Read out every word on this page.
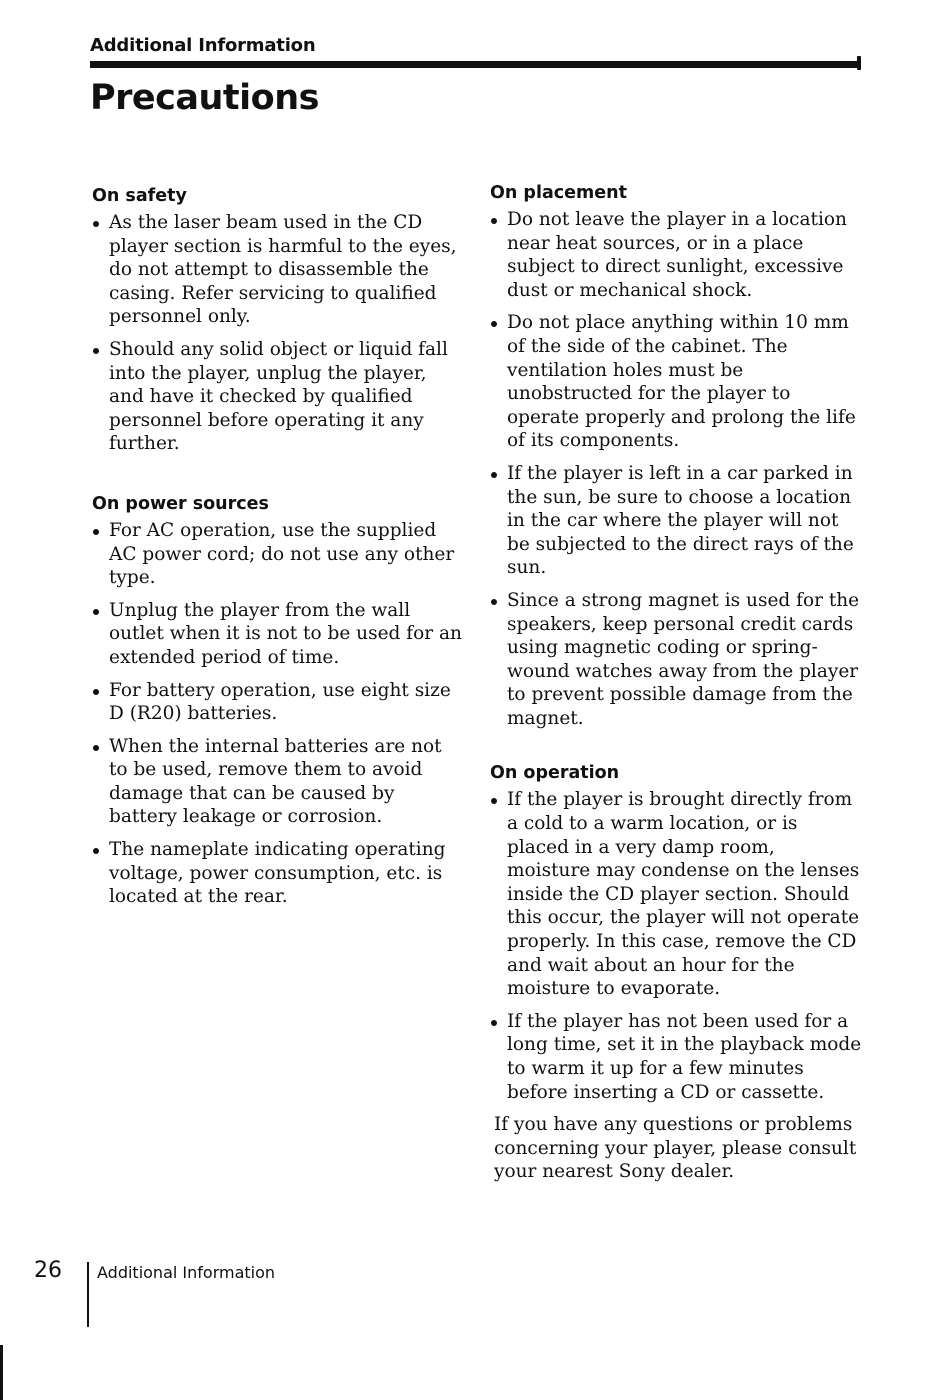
Additional Information
Precautions
On safety
As the laser beam used in the CD player section is harmful to the eyes, do not attempt to disassemble the casing. Refer servicing to qualified personnel only.
Should any solid object or liquid fall into the player, unplug the player, and have it checked by qualified personnel before operating it any further.
On power sources
For AC operation, use the supplied AC power cord; do not use any other type.
Unplug the player from the wall outlet when it is not to be used for an extended period of time.
For battery operation, use eight size D (R20) batteries.
When the internal batteries are not to be used, remove them to avoid damage that can be caused by battery leakage or corrosion.
The nameplate indicating operating voltage, power consumption, etc. is located at the rear.
On placement
Do not leave the player in a location near heat sources, or in a place subject to direct sunlight, excessive dust or mechanical shock.
Do not place anything within 10 mm of the side of the cabinet. The ventilation holes must be unobstructed for the player to operate properly and prolong the life of its components.
If the player is left in a car parked in the sun, be sure to choose a location in the car where the player will not be subjected to the direct rays of the sun.
Since a strong magnet is used for the speakers, keep personal credit cards using magnetic coding or spring-wound watches away from the player to prevent possible damage from the magnet.
On operation
If the player is brought directly from a cold to a warm location, or is placed in a very damp room, moisture may condense on the lenses inside the CD player section. Should this occur, the player will not operate properly. In this case, remove the CD and wait about an hour for the moisture to evaporate.
If the player has not been used for a long time, set it in the playback mode to warm it up for a few minutes before inserting a CD or cassette.

If you have any questions or problems concerning your player, please consult your nearest Sony dealer.

26 Additional Information
